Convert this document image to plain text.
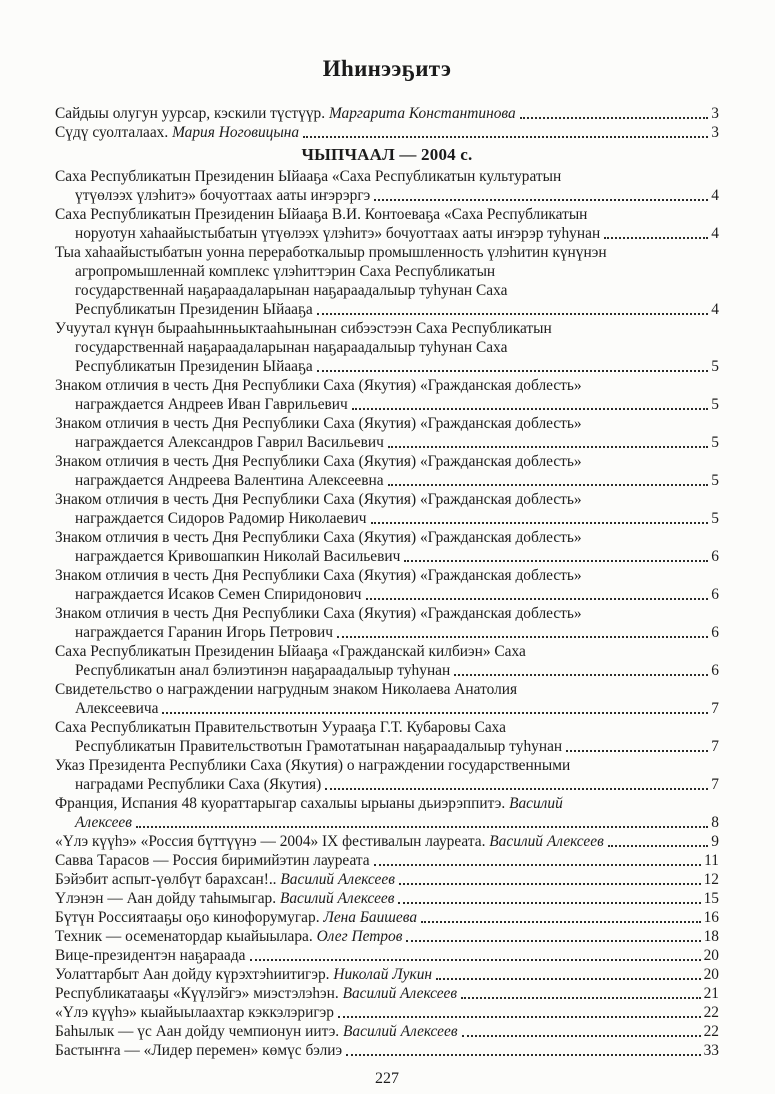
Иһинээҕитэ
Сайдыы олугун уурсар, кэскили түстүүр. Маргарита Константинова	3
Сүдү суолталаах. Мария Ноговицына	3
ЧЫПЧААЛ — 2004 с.
Саха Республикатын Президенин Ыйааҕа «Саха Республикатын культуратын
үтүөлээх үлэһитэ» бочуоттаах ааты иҥэрэргэ	4
Саха Республикатын Президенин Ыйааҕа В.И. Контоеваҕа «Саха Республикатын
норуотун хаһаайыстыбатын үтүөлээх үлэһитэ» бочуоттаах ааты иҥэрэр туһунан	4
Тыа хаһаайыстыбатын уонна переработкалыыр промышленность үлэһитин күнүнэн
агропромышленнай комплекс үлэһиттэрин Саха Республикатын
государственнай наҕараадаларынан наҕараадалыыр туһунан Саха
Республикатын Президенин Ыйааҕа	4
Учуутал күнүн бырааһынньыктааһынынан сибээстээн Саха Республикатын
государственнай наҕараадаларынан наҕараадалыыр туһунан Саха
Республикатын Президенин Ыйааҕа	5
Знаком отличия в честь Дня Республики Саха (Якутия) «Гражданская доблесть»
награждается Андреев Иван Гаврильевич	5
Знаком отличия в честь Дня Республики Саха (Якутия) «Гражданская доблесть»
награждается Александров Гаврил Васильевич	5
Знаком отличия в честь Дня Республики Саха (Якутия) «Гражданская доблесть»
награждается Андреева Валентина Алексеевна	5
Знаком отличия в честь Дня Республики Саха (Якутия) «Гражданская доблесть»
награждается Сидоров Радомир Николаевич	5
Знаком отличия в честь Дня Республики Саха (Якутия) «Гражданская доблесть»
награждается Кривошапкин Николай Васильевич	6
Знаком отличия в честь Дня Республики Саха (Якутия) «Гражданская доблесть»
награждается Исаков Семен Спиридонович	6
Знаком отличия в честь Дня Республики Саха (Якутия) «Гражданская доблесть»
награждается Гаранин Игорь Петрович	6
Саха Республикатын Президенин Ыйааҕа «Гражданскай килбиэн» Саха
Республикатын анал бэлиэтинэн наҕараадалыыр туһунан	6
Свидетельство о награждении нагрудным знаком Николаева Анатолия
Алексеевича	7
Саха Республикатын Правительствотын Уурааҕа Г.Т. Кубаровы Саха
Республикатын Правительствотын Грамотатынан наҕараадалыыр туһунан	7
Указ Президента Республики Саха (Якутия) о награждении государственными
наградами Республики Саха (Якутия)	7
Франция, Испания 48 куораттарыгар сахалыы ырыаны дьиэрэппитэ. Василий
Алексеев	8
«Үлэ күүһэ» «Россия бүттүүнэ — 2004» IX фестивалын лауреата. Василий Алексеев	9
Савва Тарасов — Россия биримийэтин лауреата	11
Бэйэбит аспыт-үөлбүт барахсан!.. Василий Алексеев	12
Үлэнэн — Аан дойду таһымыгар. Василий Алексеев	15
Бүтүн Россиятааҕы оҕо кинофорумугар. Лена Баишева	16
Техник — осеменатордар кыайыылара. Олег Петров	18
Вице-президентэн наҕараада	20
Уолаттарбыт Аан дойду күрэхтэһиитигэр. Николай Лукин	20
Республикатааҕы «Күүлэйгэ» миэстэлэһэн. Василий Алексеев	21
«Үлэ күүһэ» кыайыылаахтар кэккэлэригэр	22
Баһылык — үс Аан дойду чемпионун иитэ. Василий Алексеев	22
Бастыҥҥа — «Лидер перемен» көмүс бэлиэ	33
227
